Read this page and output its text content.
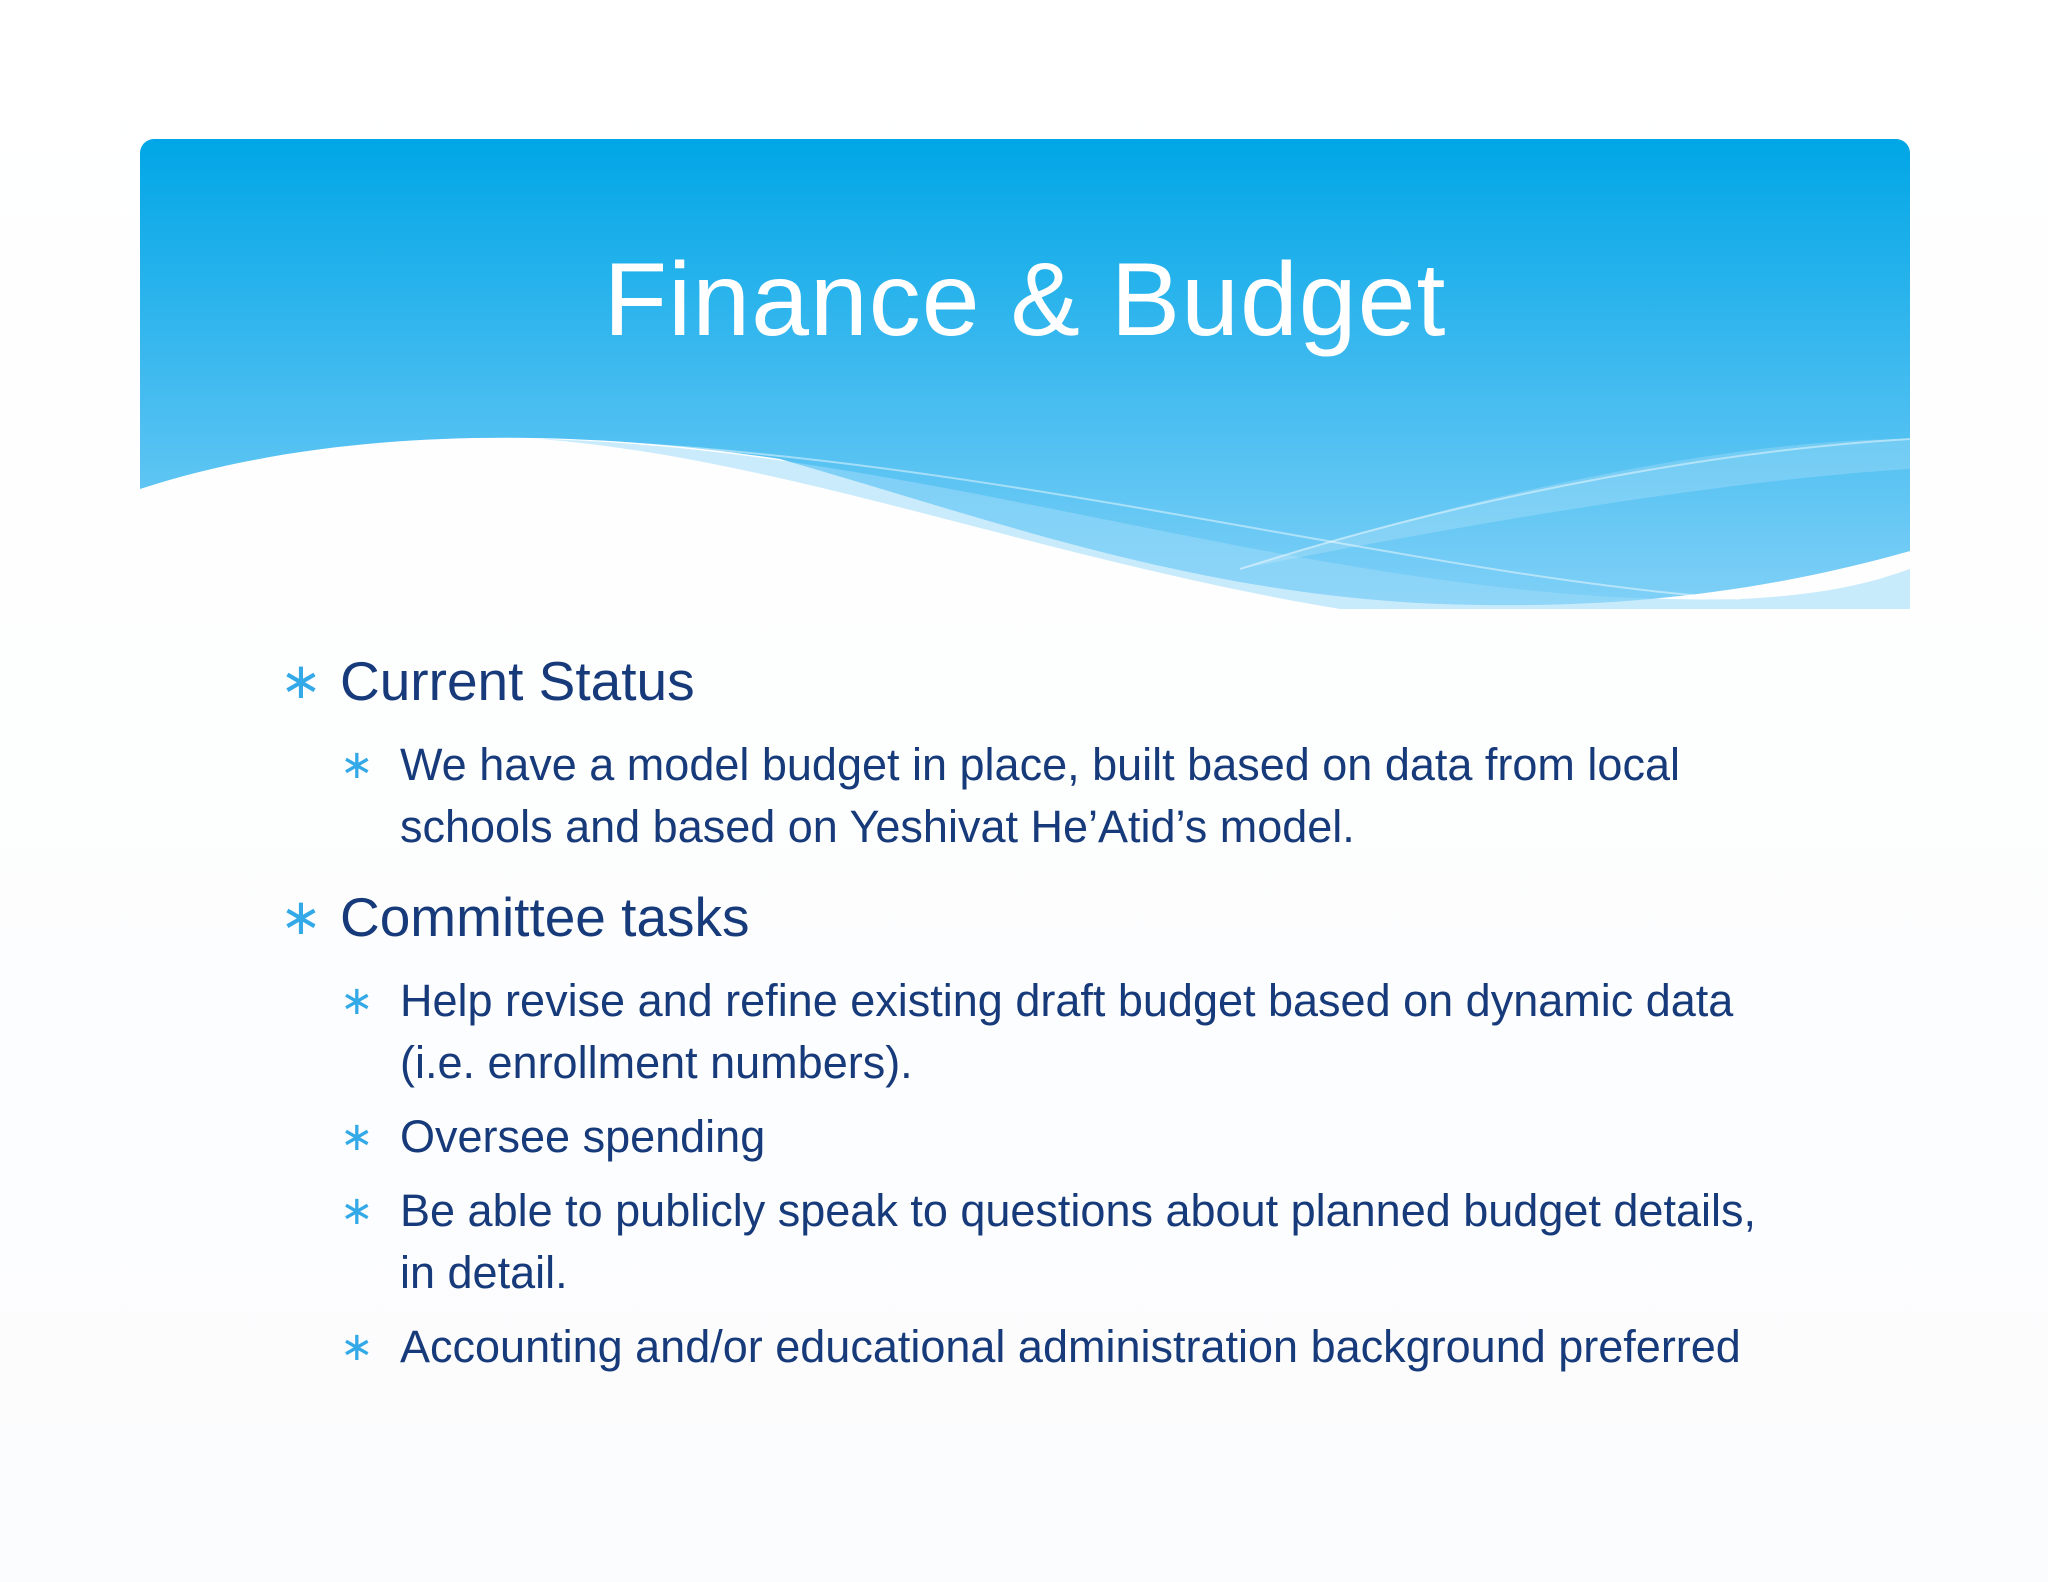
Finance & Budget
∗ Current Status
∗ We have a model budget in place, built based on data from local schools and based on Yeshivat He’Atid’s model.
∗ Committee tasks
∗ Help revise and refine existing draft budget based on dynamic data (i.e. enrollment numbers).
∗ Oversee spending
∗ Be able to publicly speak to questions about planned budget details, in detail.
∗ Accounting and/or educational administration background preferred
